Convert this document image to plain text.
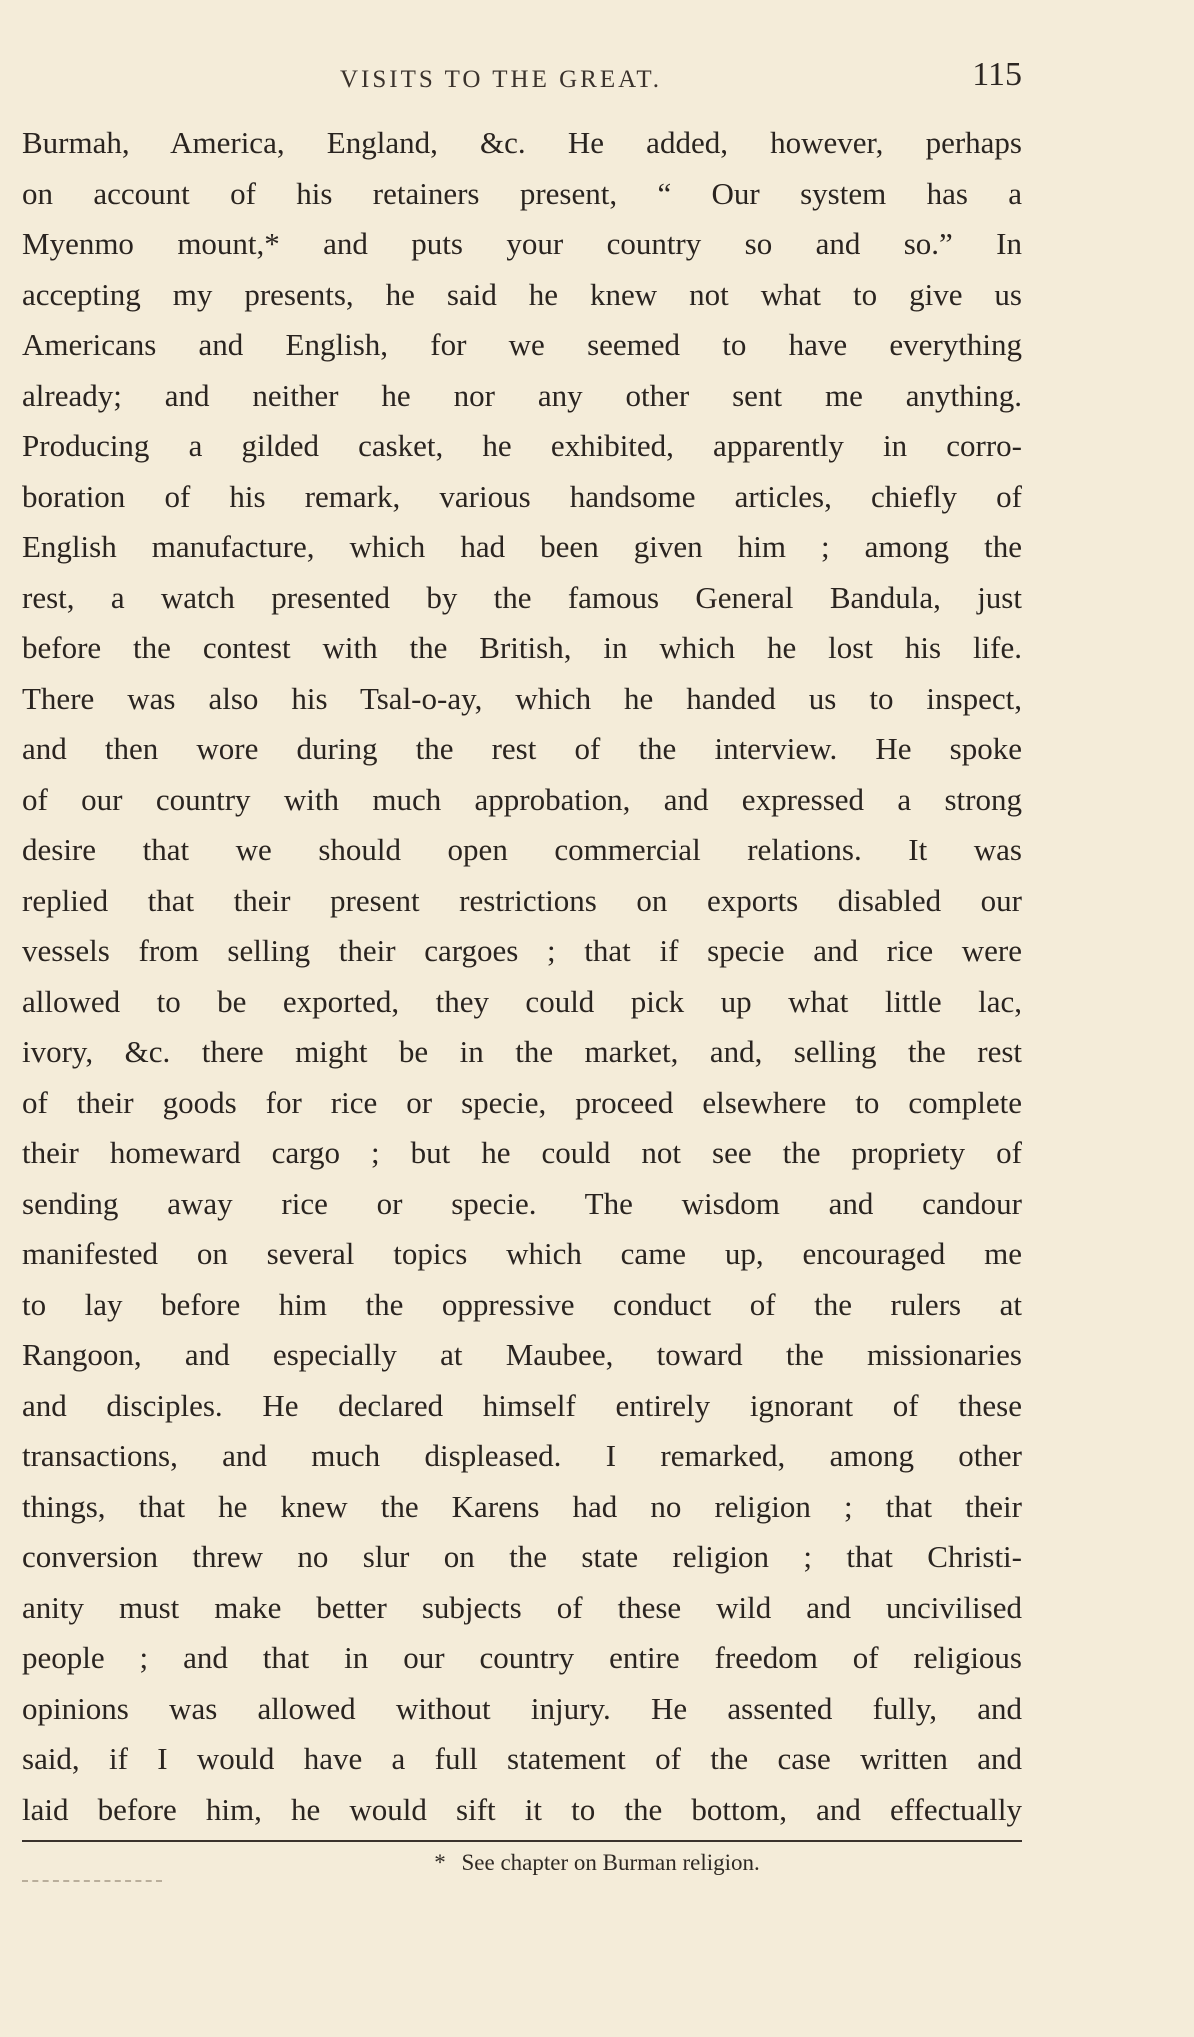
VISITS TO THE GREAT.	115
Burmah, America, England, &c. He added, however, perhaps
on account of his retainers present, “ Our system has a
Myenmo mount,* and puts your country so and so.” In
accepting my presents, he said he knew not what to give us
Americans and English, for we seemed to have everything
already; and neither he nor any other sent me anything.
Producing a gilded casket, he exhibited, apparently in corro-
boration of his remark, various handsome articles, chiefly of
English manufacture, which had been given him ; among the
rest, a watch presented by the famous General Bandula, just
before the contest with the British, in which he lost his life.
There was also his Tsal-o-ay, which he handed us to inspect,
and then wore during the rest of the interview. He spoke
of our country with much approbation, and expressed a strong
desire that we should open commercial relations. It was
replied that their present restrictions on exports disabled our
vessels from selling their cargoes ; that if specie and rice were
allowed to be exported, they could pick up what little lac,
ivory, &c. there might be in the market, and, selling the rest
of their goods for rice or specie, proceed elsewhere to complete
their homeward cargo ; but he could not see the propriety of
sending away rice or specie. The wisdom and candour
manifested on several topics which came up, encouraged me
to lay before him the oppressive conduct of the rulers at
Rangoon, and especially at Maubee, toward the missionaries
and disciples. He declared himself entirely ignorant of these
transactions, and much displeased. I remarked, among other
things, that he knew the Karens had no religion ; that their
conversion threw no slur on the state religion ; that Christi-
anity must make better subjects of these wild and uncivilised
people ; and that in our country entire freedom of religious
opinions was allowed without injury. He assented fully, and
said, if I would have a full statement of the case written and
laid before him, he would sift it to the bottom, and effectually
* See chapter on Burman religion.
